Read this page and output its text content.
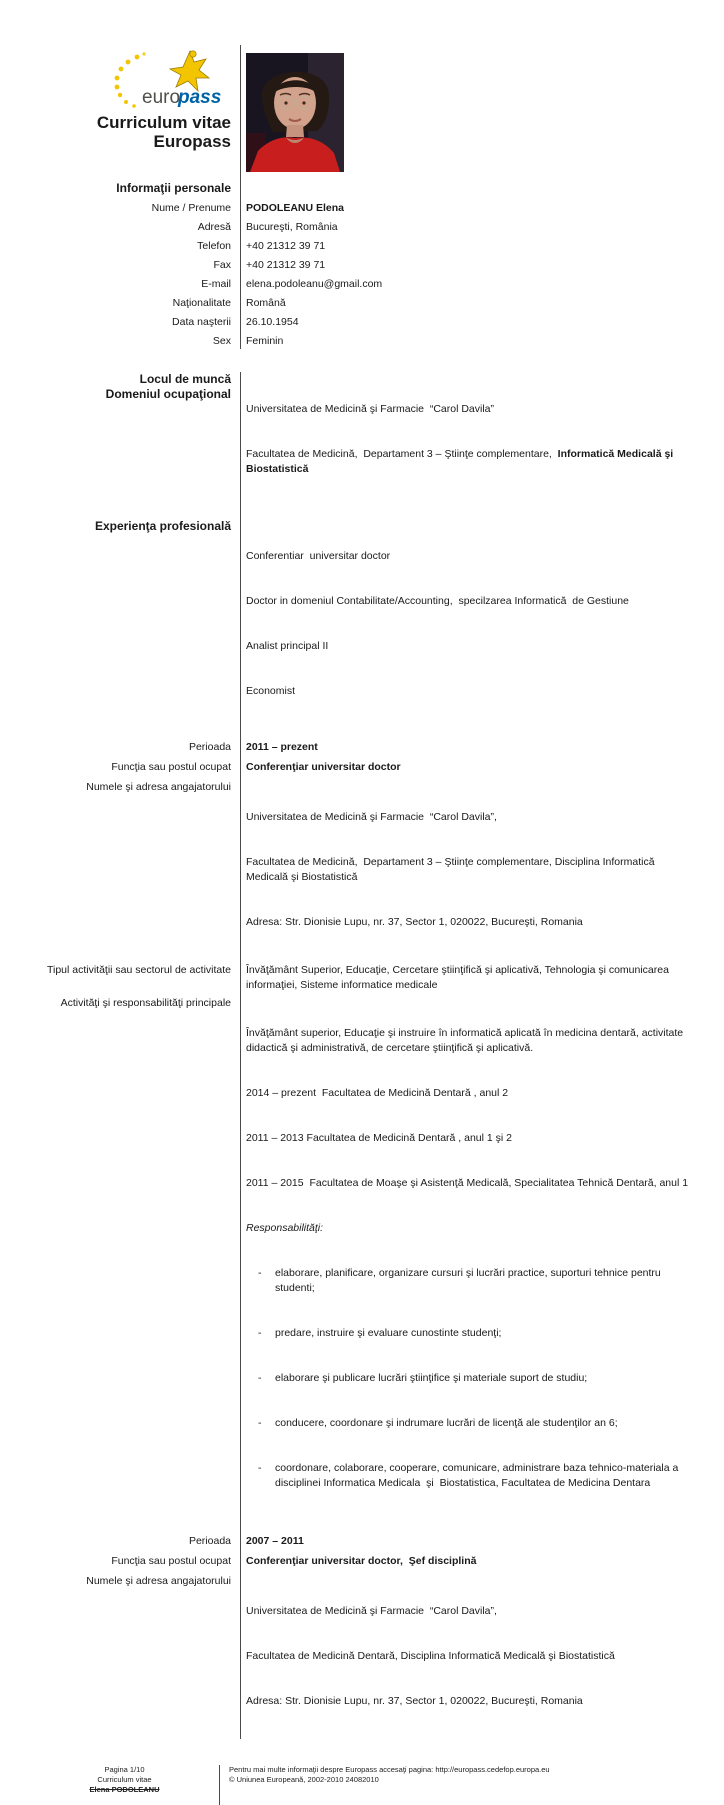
euro
pass
Curriculum vitae
Europass
Informaţii personale
Nume / Prenume	PODOLEANU Elena
Adresă	Bucureşti, România
Telefon	+40 21312 39 71
Fax	+40 21312 39 71
E-mail	elena.podoleanu@gmail.com
Naţionalitate	Română
Data naşterii	26.10.1954
Sex	Feminin
Locul de muncă
Domeniul ocupaţional

Universitatea de Medicină şi Farmacie  “Carol Davila”

Facultatea de Medicină,  Departament 3 – Ştiinţe complementare,  Informatică Medicală şi Biostatistică

Experienţa profesională

Conferentiar  universitar doctor

Doctor in domeniul Contabilitate/Accounting,  specilzarea Informatică  de Gestiune

Analist principal II

Economist

Perioada	2011 – prezent
Funcţia sau postul ocupat	Conferenţiar universitar doctor
Numele şi adresa angajatorului

Universitatea de Medicină şi Farmacie  “Carol Davila”,

Facultatea de Medicină,  Departament 3 – Ştiinţe complementare, Disciplina Informatică Medicală şi Biostatistică

Adresa: Str. Dionisie Lupu, nr. 37, Sector 1, 020022, Bucureşti, Romania

Tipul activităţii sau sectorul de activitate	Învăţământ Superior, Educaţie, Cercetare ştiinţifică şi aplicativă, Tehnologia şi comunicarea informaţiei, Sisteme informatice medicale
Activităţi şi responsabilităţi principale

Învăţământ superior, Educaţie şi instruire în informatică aplicată în medicina dentară, activitate didactică şi administrativă, de cercetare ştiinţifică şi aplicativă.

2014 – prezent  Facultatea de Medicină Dentară , anul 2

2011 – 2013 Facultatea de Medicină Dentară , anul 1 şi 2

2011 – 2015  Facultatea de Moaşe şi Asistenţă Medicală, Specialitatea Tehnică Dentară, anul 1

Responsabilităţi:

- elaborare, planificare, organizare cursuri şi lucrări practice, suporturi tehnice pentru studenti;

- predare, instruire şi evaluare cunostinte studenţi;

- elaborare şi publicare lucrări ştiinţifice şi materiale suport de studiu;

- conducere, coordonare şi indrumare lucrări de licenţă ale studenţilor an 6;

- coordonare, colaborare, cooperare, comunicare, administrare baza tehnico-materiala a disciplinei Informatica Medicala  şi  Biostatistica, Facultatea de Medicina Dentara

Perioada	2007 – 2011
Funcţia sau postul ocupat	Conferenţiar universitar doctor,  Şef disciplină
Numele şi adresa angajatorului

Universitatea de Medicină şi Farmacie  “Carol Davila”,

Facultatea de Medicină Dentară, Disciplina Informatică Medicală şi Biostatistică

Adresa: Str. Dionisie Lupu, nr. 37, Sector 1, 020022, Bucureşti, Romania

Pagina 1/10
Curriculum vitae
Elena PODOLEANU
Pentru mai multe informaţii despre Europass accesaţi pagina: http://europass.cedefop.europa.eu
© Uniunea Europeană, 2002-2010 24082010
